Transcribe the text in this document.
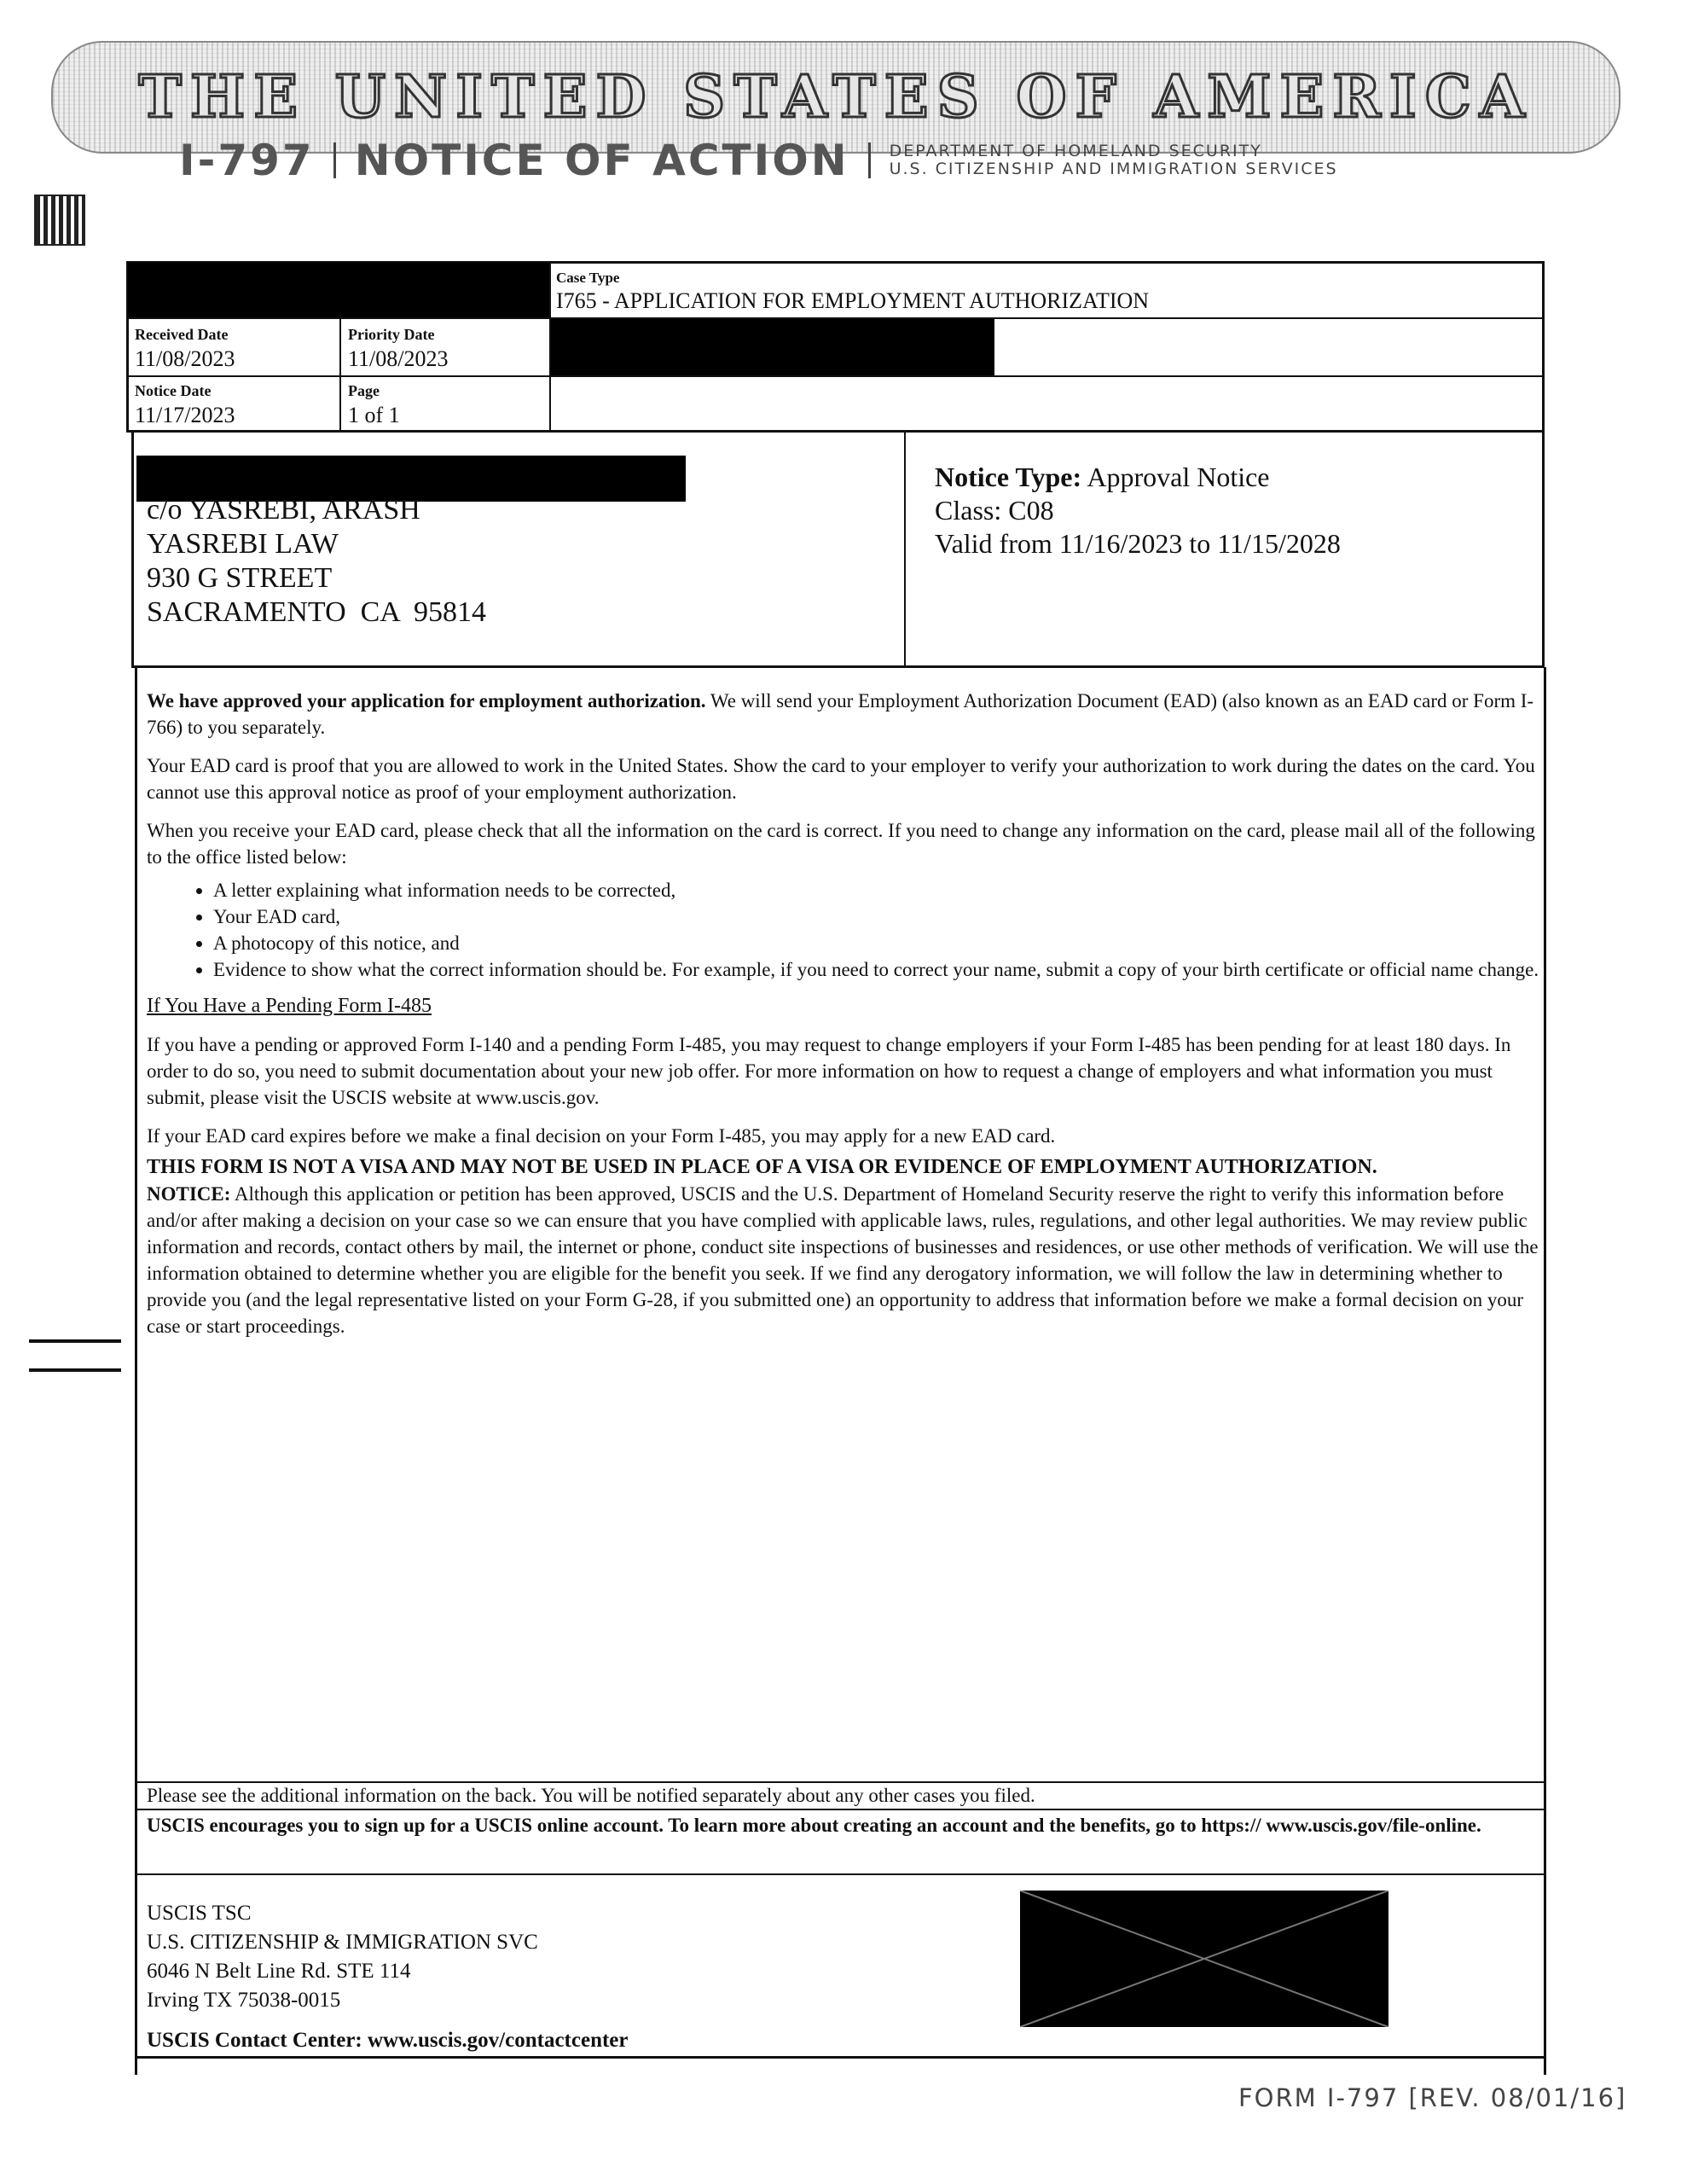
THE UNITED STATES OF AMERICA
I-797 NOTICE OF ACTION DEPARTMENT OF HOMELAND SECURITY
U.S. CITIZENSHIP AND IMMIGRATION SERVICES
Case Type
I765 - APPLICATION FOR EMPLOYMENT AUTHORIZATION
Received Date
11/08/2023
Priority Date
11/08/2023
Notice Date
11/17/2023
Page
1 of 1
c/o YASREBI, ARASH
YASREBI LAW
930 G STREET
SACRAMENTO  CA  95814
Notice Type: Approval Notice
Class: C08
Valid from 11/16/2023 to 11/15/2028

We have approved your application for employment authorization. We will send your Employment Authorization Document (EAD) (also known as an EAD card or Form I-766) to you separately.

Your EAD card is proof that you are allowed to work in the United States. Show the card to your employer to verify your authorization to work during the dates on the card. You cannot use this approval notice as proof of your employment authorization.

When you receive your EAD card, please check that all the information on the card is correct. If you need to change any information on the card, please mail all of the following to the office listed below:

• A letter explaining what information needs to be corrected,
• Your EAD card,
• A photocopy of this notice, and
• Evidence to show what the correct information should be. For example, if you need to correct your name, submit a copy of your birth certificate or official name change.

If You Have a Pending Form I-485

If you have a pending or approved Form I-140 and a pending Form I-485, you may request to change employers if your Form I-485 has been pending for at least 180 days. In order to do so, you need to submit documentation about your new job offer. For more information on how to request a change of employers and what information you must submit, please visit the USCIS website at www.uscis.gov.

If your EAD card expires before we make a final decision on your Form I-485, you may apply for a new EAD card.

THIS FORM IS NOT A VISA AND MAY NOT BE USED IN PLACE OF A VISA OR EVIDENCE OF EMPLOYMENT AUTHORIZATION.
NOTICE: Although this application or petition has been approved, USCIS and the U.S. Department of Homeland Security reserve the right to verify this information before and/or after making a decision on your case so we can ensure that you have complied with applicable laws, rules, regulations, and other legal authorities. We may review public information and records, contact others by mail, the internet or phone, conduct site inspections of businesses and residences, or use other methods of verification. We will use the information obtained to determine whether you are eligible for the benefit you seek. If we find any derogatory information, we will follow the law in determining whether to provide you (and the legal representative listed on your Form G-28, if you submitted one) an opportunity to address that information before we make a formal decision on your case or start proceedings.
Please see the additional information on the back. You will be notified separately about any other cases you filed.
USCIS encourages you to sign up for a USCIS online account. To learn more about creating an account and the benefits, go to https:// www.uscis.gov/file-online.
USCIS TSC
U.S. CITIZENSHIP & IMMIGRATION SVC
6046 N Belt Line Rd. STE 114
Irving TX 75038-0015
USCIS Contact Center: www.uscis.gov/contactcenter
FORM I-797 [REV. 08/01/16]
